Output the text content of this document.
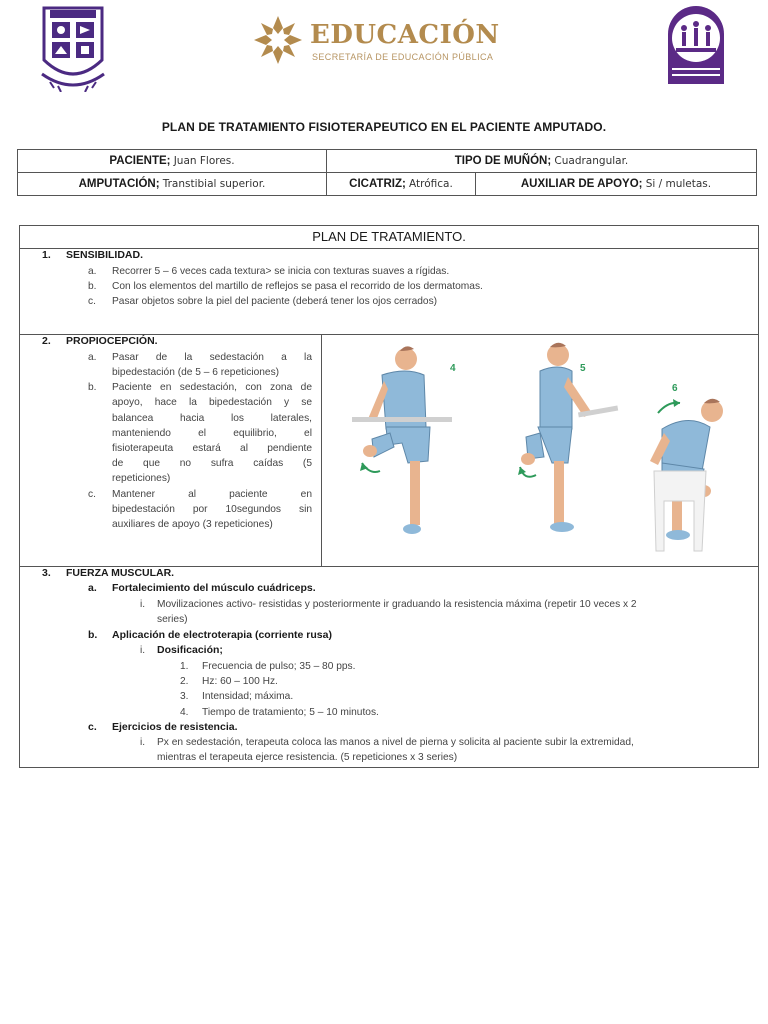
EDUCACIÓN
SECRETARÍA DE EDUCACIÓN PÚBLICA
PLAN DE TRATAMIENTO FISIOTERAPEUTICO EN EL PACIENTE AMPUTADO.
PACIENTE; Juan Flores.	TIPO DE MUÑÓN; Cuadrangular.	
AMPUTACIÓN; Transtibial superior.	CICATRIZ; Atrófica.	AUXILIAR DE APOYO; Si / muletas.
PLAN DE TRATAMIENTO.
1. SENSIBILIDAD.
a. Recorrer 5 – 6 veces cada textura> se inicia con texturas suaves a rígidas.
b. Con los elementos del martillo de reflejos se pasa el recorrido de los dermatomas.
c. Pasar objetos sobre la piel del paciente (deberá tener los ojos cerrados)
2. PROPIOCEPCIÓN.
a. Pasar de la sedestación a la
bipedestación (de 5 – 6 repeticiones)
b. Paciente en sedestación, con zona de
apoyo, hace la bipedestación y se
balancea hacia los laterales,
manteniendo el equilibrio, el
fisioterapeuta estará al pendiente
de que no sufra caídas (5
repeticiones)
c. Mantener al paciente en
bipedestación por 10segundos sin
auxiliares de apoyo (3 repeticiones)
4	5
6
3. FUERZA MUSCULAR.
a. Fortalecimiento del músculo cuádriceps.
i. Movilizaciones activo- resistidas y posteriormente ir graduando la resistencia máxima (repetir 10 veces x 2
series)
b. Aplicación de electroterapia (corriente rusa)
i. Dosificación;
1. Frecuencia de pulso; 35 – 80 pps.
2. Hz: 60 – 100 Hz.
3. Intensidad; máxima.
4. Tiempo de tratamiento; 5 – 10 minutos.
c. Ejercicios de resistencia.
i. Px en sedestación, terapeuta coloca las manos a nivel de pierna y solicita al paciente subir la extremidad,
mientras el terapeuta ejerce resistencia. (5 repeticiones x 3 series)
